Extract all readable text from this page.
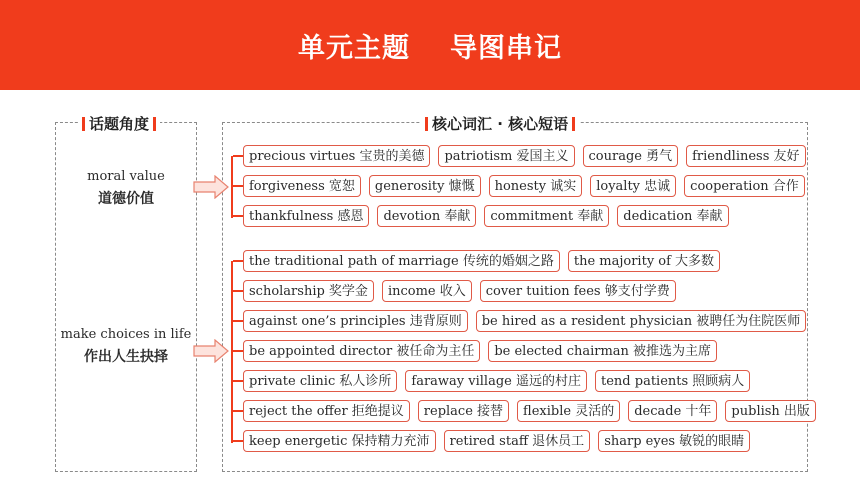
单元主题 导图串记
话题角度	核心词汇 · 核心短语
moral value
道德价值
make choices in life
作出人生抉择
precious virtues 宝贵的美德	patriotism 爱国主义	courage 勇气	friendliness 友好
forgiveness 宽恕	generosity 慷慨	honesty 诚实	loyalty 忠诚	cooperation 合作
thankfulness 感恩	devotion 奉献	commitment 奉献	dedication 奉献
the traditional path of marriage 传统的婚姻之路	the majority of 大多数
scholarship 奖学金	income 收入	cover tuition fees 够支付学费
against one’s principles 违背原则	be hired as a resident physician 被聘任为住院医师
be appointed director 被任命为主任	be elected chairman 被推选为主席
private clinic 私人诊所	faraway village 遥远的村庄	tend patients 照顾病人
reject the offer 拒绝提议	replace 接替	flexible 灵活的	decade 十年	publish 出版
keep energetic 保持精力充沛	retired staff 退休员工	sharp eyes 敏锐的眼睛
